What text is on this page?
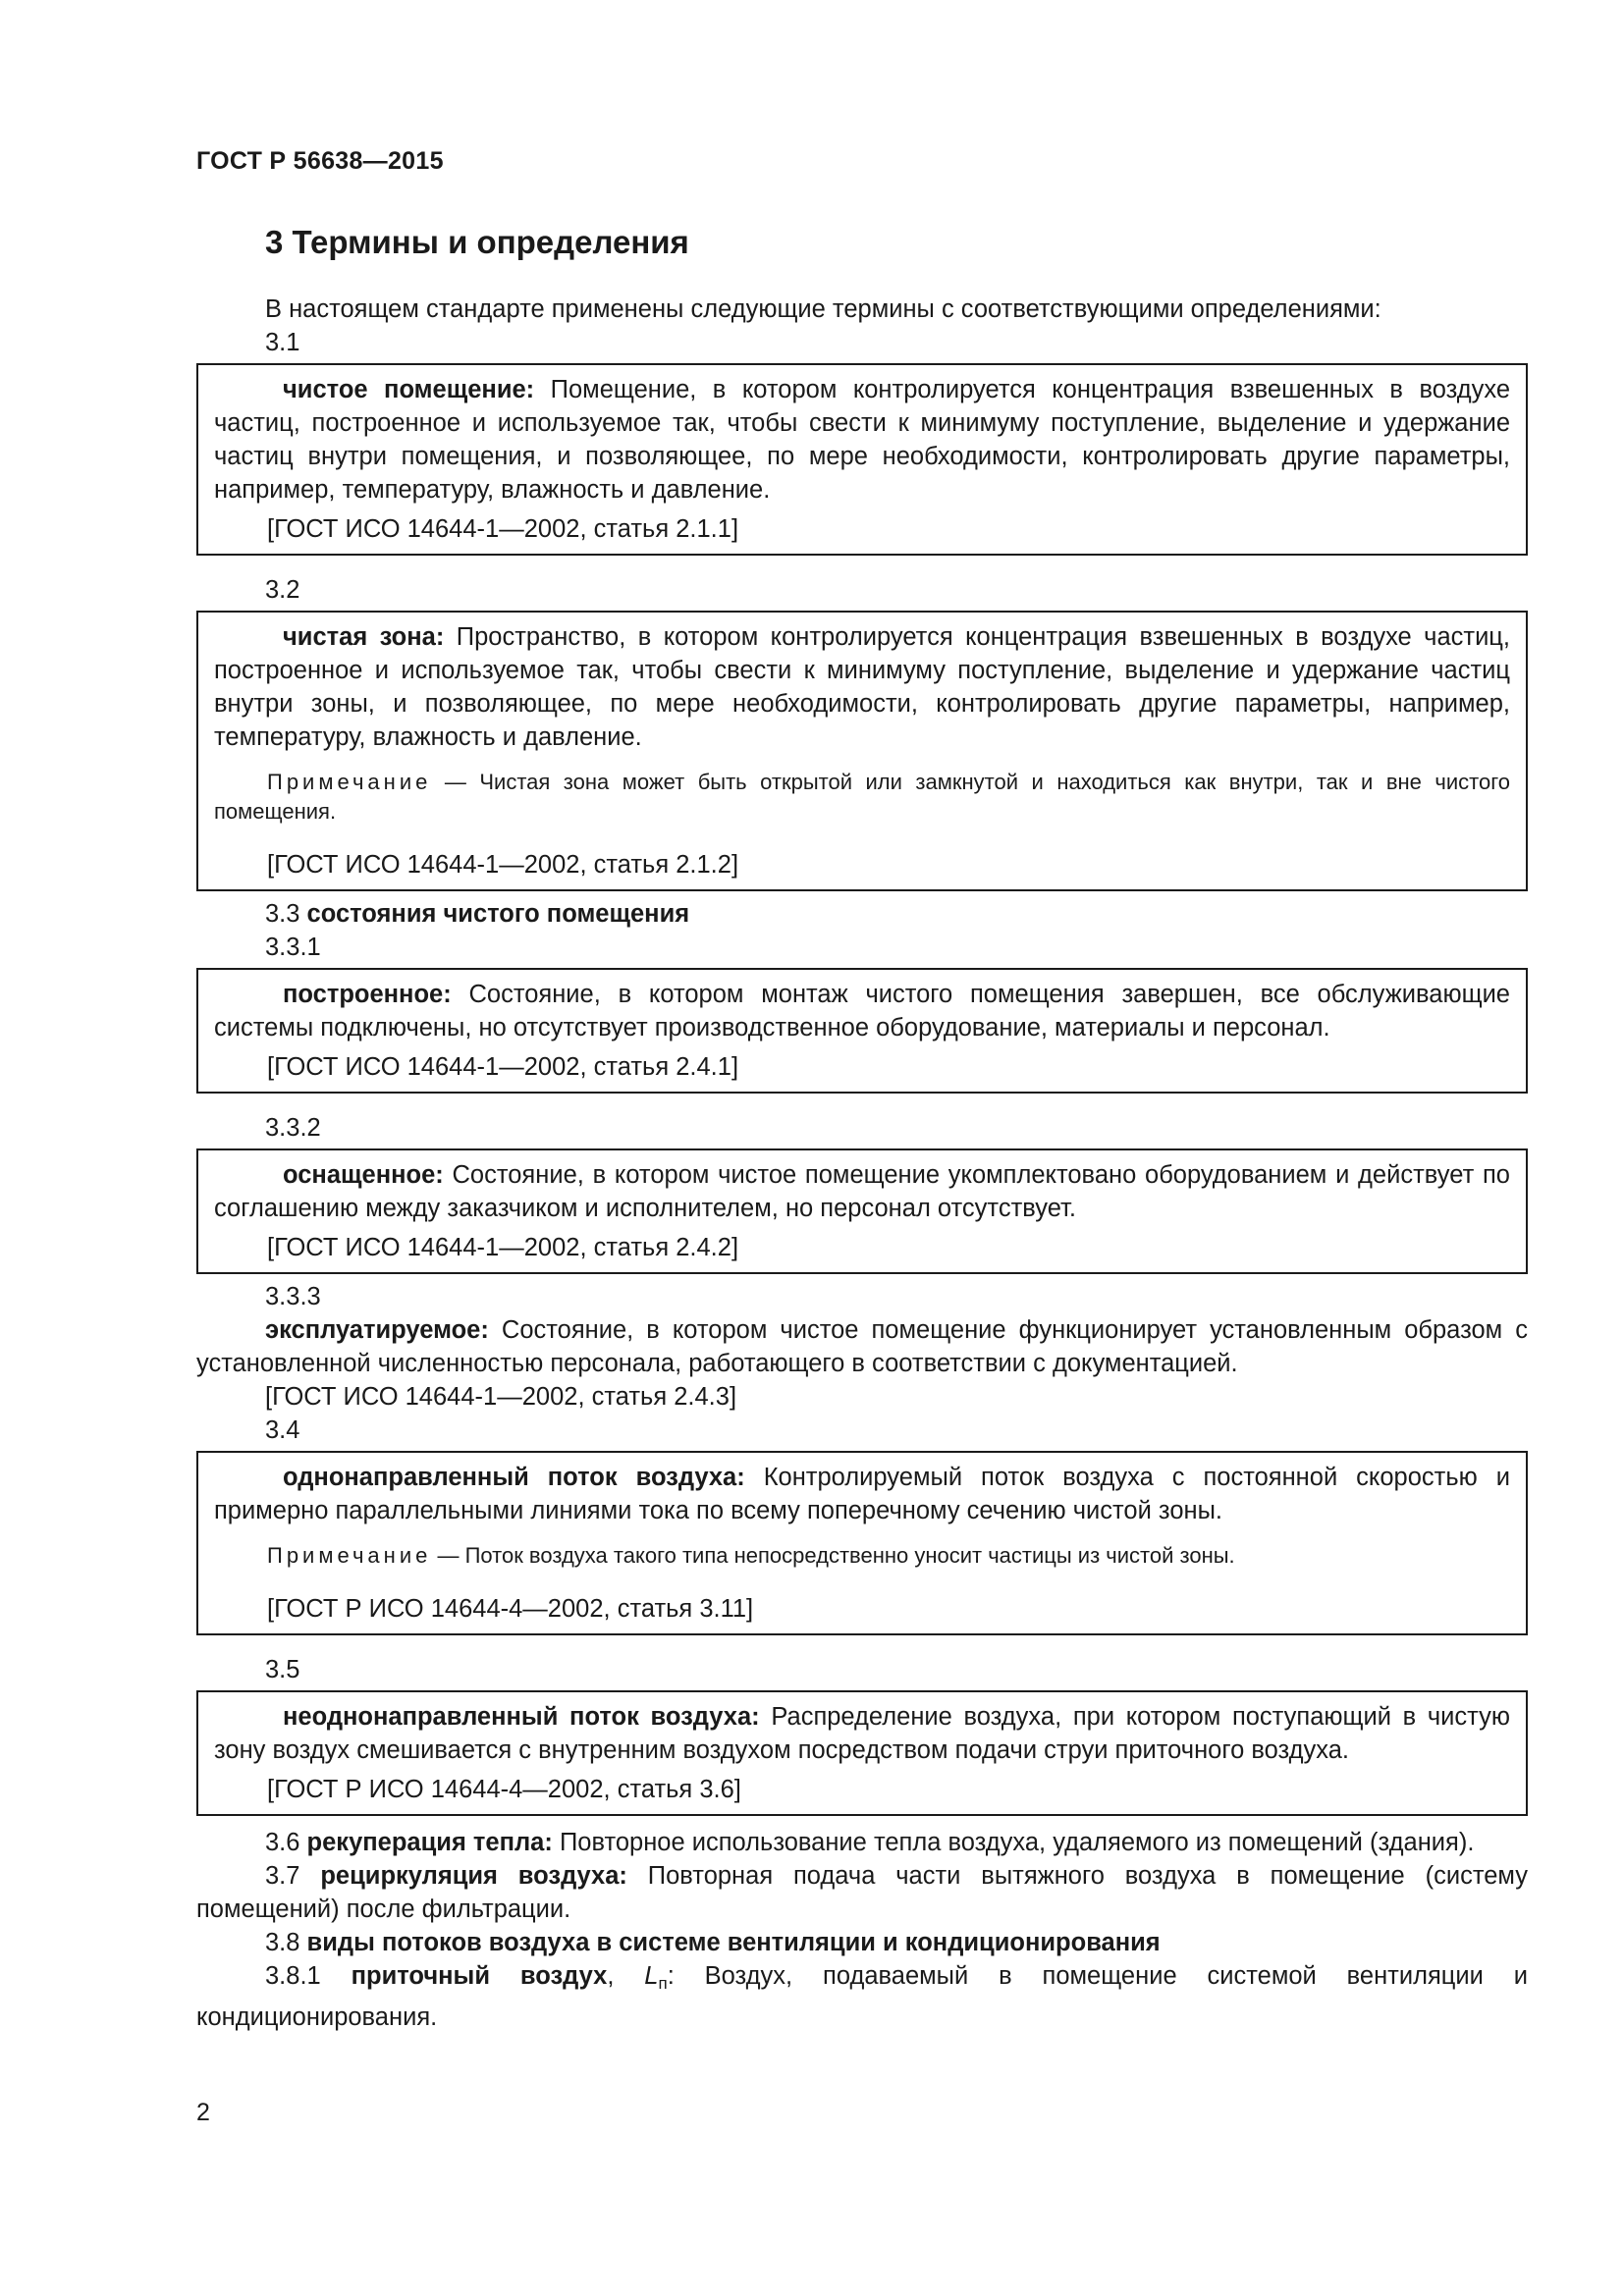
ГОСТ Р 56638—2015
3 Термины и определения

В настоящем стандарте применены следующие термины с соответствующими определениями:

3.1

чистое помещение: Помещение, в котором контролируется концентрация взвешенных в воздухе частиц, построенное и используемое так, чтобы свести к минимуму поступление, выделение и удержание частиц внутри помещения, и позволяющее, по мере необходимости, контролировать другие параметры, например, температуру, влажность и давление.

[ГОСТ ИСО 14644-1—2002, статья 2.1.1]

3.2

чистая зона: Пространство, в котором контролируется концентрация взвешенных в воздухе частиц, построенное и используемое так, чтобы свести к минимуму поступление, выделение и удержание частиц внутри зоны, и позволяющее, по мере необходимости, контролировать другие параметры, например, температуру, влажность и давление.

Примечание — Чистая зона может быть открытой или замкнутой и находиться как внутри, так и вне чистого помещения.

[ГОСТ ИСО 14644-1—2002, статья 2.1.2]

3.3 состояния чистого помещения

3.3.1

построенное: Состояние, в котором монтаж чистого помещения завершен, все обслуживающие системы подключены, но отсутствует производственное оборудование, материалы и персонал.

[ГОСТ ИСО 14644-1—2002, статья 2.4.1]

3.3.2

оснащенное: Состояние, в котором чистое помещение укомплектовано оборудованием и действует по соглашению между заказчиком и исполнителем, но персонал отсутствует.

[ГОСТ ИСО 14644-1—2002, статья 2.4.2]

3.3.3

эксплуатируемое: Состояние, в котором чистое помещение функционирует установленным образом с установленной численностью персонала, работающего в соответствии с документацией.

[ГОСТ ИСО 14644-1—2002, статья 2.4.3]

3.4

однонаправленный поток воздуха: Контролируемый поток воздуха с постоянной скоростью и примерно параллельными линиями тока по всему поперечному сечению чистой зоны.

Примечание — Поток воздуха такого типа непосредственно уносит частицы из чистой зоны.

[ГОСТ Р ИСО 14644-4—2002, статья 3.11]

3.5

неоднонаправленный поток воздуха: Распределение воздуха, при котором поступающий в чистую зону воздух смешивается с внутренним воздухом посредством подачи струи приточного воздуха.

[ГОСТ Р ИСО 14644-4—2002, статья 3.6]

3.6 рекуперация тепла: Повторное использование тепла воздуха, удаляемого из помещений (здания).

3.7 рециркуляция воздуха: Повторная подача части вытяжного воздуха в помещение (систему помещений) после фильтрации.

3.8 виды потоков воздуха в системе вентиляции и кондиционирования

3.8.1 приточный воздух, $L_п$: Воздух, подаваемый в помещение системой вентиляции и кондиционирования.

2
